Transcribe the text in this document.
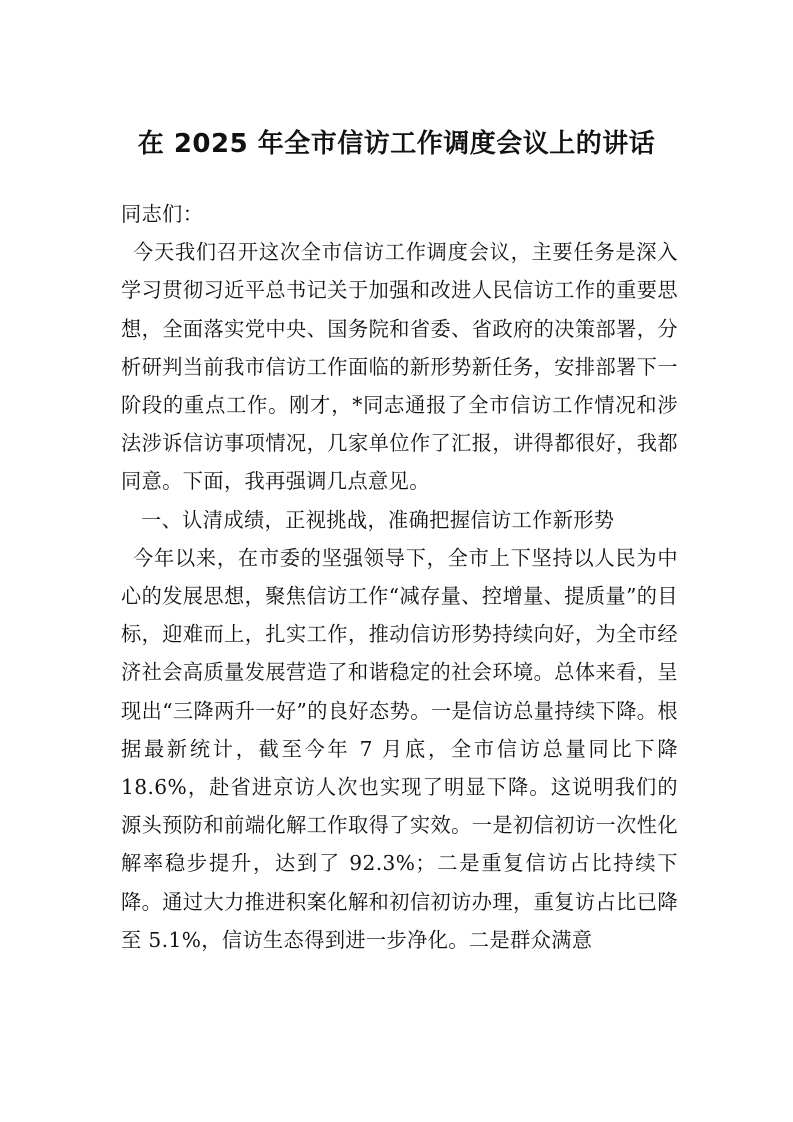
在 2025 年全市信访工作调度会议上的讲话

同志们：

今天我们召开这次全市信访工作调度会议，主要任务是深入学习贯彻习近平总书记关于加强和改进人民信访工作的重要思想，全面落实党中央、国务院和省委、省政府的决策部署，分析研判当前我市信访工作面临的新形势新任务，安排部署下一阶段的重点工作。刚才，*同志通报了全市信访工作情况和涉法涉诉信访事项情况，几家单位作了汇报，讲得都很好，我都同意。下面，我再强调几点意见。

一、认清成绩，正视挑战，准确把握信访工作新形势

今年以来，在市委的坚强领导下，全市上下坚持以人民为中心的发展思想，聚焦信访工作“减存量、控增量、提质量”的目标，迎难而上，扎实工作，推动信访形势持续向好，为全市经济社会高质量发展营造了和谐稳定的社会环境。总体来看，呈现出“三降两升一好”的良好态势。一是信访总量持续下降。根据最新统计，截至今年 7 月底，全市信访总量同比下降 18.6%，赴省进京访人次也实现了明显下降。这说明我们的源头预防和前端化解工作取得了实效。一是初信初访一次性化解率稳步提升，达到了 92.3%；二是重复信访占比持续下降。通过大力推进积案化解和初信初访办理，重复访占比已降至 5.1%，信访生态得到进一步净化。二是群众满意
